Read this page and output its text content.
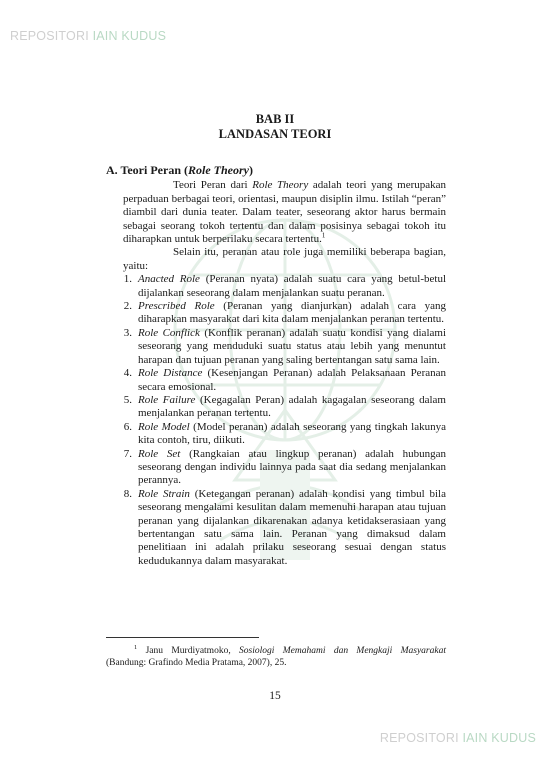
REPOSITORI IAIN KUDUS
REPOSITORI IAIN KUDUS
BAB II
LANDASAN TEORI
A. Teori Peran (Role Theory)

Teori Peran dari Role Theory adalah teori yang merupakan perpaduan berbagai teori, orientasi, maupun disiplin ilmu. Istilah “peran” diambil dari dunia teater. Dalam teater, seseorang aktor harus bermain sebagai seorang tokoh tertentu dan dalam posisinya sebagai tokoh itu diharapkan untuk berperilaku secara tertentu.$^1$

Selain itu, peranan atau role juga memiliki beberapa bagian, yaitu:

1. Anacted Role (Peranan nyata) adalah suatu cara yang betul-betul dijalankan seseorang dalam menjalankan suatu peranan.
2. Prescribed Role (Peranan yang dianjurkan) adalah cara yang diharapkan masyarakat dari kita dalam menjalankan peranan tertentu.
3. Role Conflick (Konflik peranan) adalah suatu kondisi yang dialami seseorang yang menduduki suatu status atau lebih yang menuntut harapan dan tujuan peranan yang saling bertentangan satu sama lain.
4. Role Distance (Kesenjangan Peranan) adalah Pelaksanaan Peranan secara emosional.
5. Role Failure (Kegagalan Peran) adalah kagagalan seseorang dalam menjalankan peranan tertentu.
6. Role Model (Model peranan) adalah seseorang yang tingkah lakunya kita contoh, tiru, diikuti.
7. Role Set (Rangkaian atau lingkup peranan) adalah hubungan seseorang dengan individu lainnya pada saat dia sedang menjalankan perannya.
8. Role Strain (Ketegangan peranan) adalah kondisi yang timbul bila seseorang mengalami kesulitan dalam memenuhi harapan atau tujuan peranan yang dijalankan dikarenakan adanya ketidakserasiaan yang bertentangan satu sama lain. Peranan yang dimaksud dalam penelitiaan ini adalah prilaku seseorang sesuai dengan status kedudukannya dalam masyarakat.
$^1$ Janu Murdiyatmoko, Sosiologi Memahami dan Mengkaji Masyarakat (Bandung: Grafindo Media Pratama, 2007), 25.
15
